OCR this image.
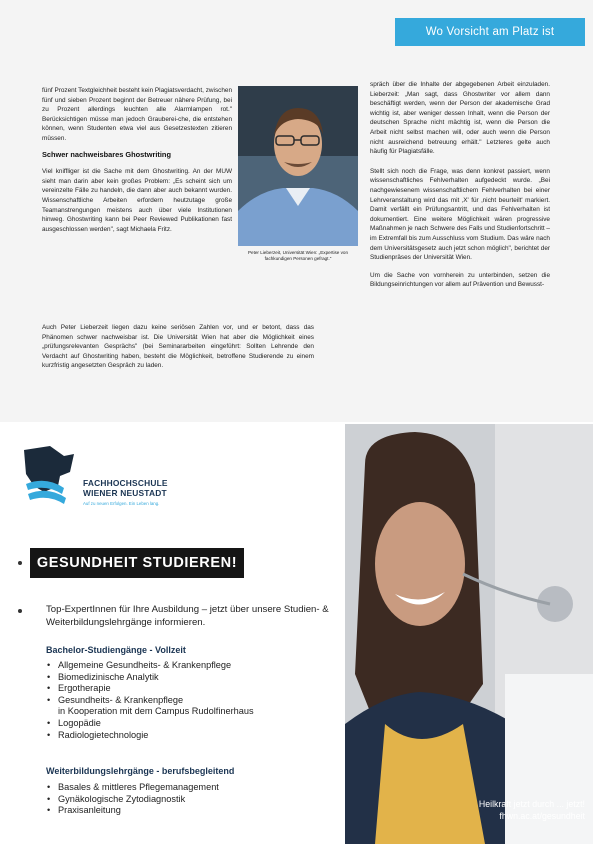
Wo Vorsicht am Platz ist

fünf Prozent Textgleichheit besteht kein Plagiatsverdacht, zwischen fünf und sieben Prozent beginnt der Betreuer nähere Prüfung, bei zu Prozent allerdings leuchten alle Alarmlampen rot." Berücksichtigen müsse man jedoch Grauberei-che, die entstehen können, wenn Studenten etwa viel aus Gesetzestexten zitieren müssen.

Schwer nachweisbares Ghostwriting

Viel kniffliger ist die Sache mit dem Ghostwriting. An der MUW sieht man darin aber kein großes Problem: „Es scheint sich um vereinzelte Fälle zu handeln, die dann aber auch bekannt wurden. Wissenschaftliche Arbeiten erfordern heutzutage große Teamanstrengungen meistens auch über viele Institutionen hinweg. Ghostwriting kann bei Peer Reviewed Publikationen fast ausgeschlossen werden", sagt Michaela Fritz.

Peter Lieberzeit, Universität Wien: „Expertise von fachkundigen Personen gefragt."
Auch Peter Lieberzeit liegen dazu keine seriösen Zahlen vor, und er betont, dass das Phänomen schwer nachweisbar ist. Die Universität Wien hat aber die Möglichkeit eines „prüfungsrelevanten Gesprächs" (bei Seminararbeiten eingeführt: Sollten Lehrende den Verdacht auf Ghostwriting haben, besteht die Möglichkeit, betroffene Studierende zu einem kurzfristig angesetzten Gespräch zu laden.

spräch über die Inhalte der abgegebenen Arbeit einzuladen. Lieberzeit: „Man sagt, dass Ghostwriter vor allem dann beschäftigt werden, wenn der Person der akademische Grad wichtig ist, aber weniger dessen Inhalt, wenn die Person der deutschen Sprache nicht mächtig ist, wenn die Person die Arbeit nicht selbst machen will, oder auch wenn die Person nicht ausreichend betreuung erhält." Letzteres gelte auch häufig für Plagiatsfälle.

Stellt sich noch die Frage, was denn konkret passiert, wenn wissenschaftliches Fehlverhalten aufgedeckt wurde. „Bei nachgewiesenem wissenschaftlichem Fehlverhalten bei einer Lehrveranstaltung wird das mit ‚X' für ‚nicht beurteilt' markiert. Damit verfällt ein Prüfungsantritt, und das Fehlverhalten ist dokumentiert. Eine weitere Möglichkeit wären progressive Maßnahmen je nach Schwere des Falls und Studienfortschritt – im Extremfall bis zum Ausschluss vom Studium. Das wäre nach dem Universitätsgesetz auch jetzt schon möglich", berichtet der Studienpräses der Universität Wien.

Um die Sache von vornherein zu unterbinden, setzen die Bildungseinrichtungen vor allem auf Prävention und Bewusst-

FACHHOCHSCHULE
WIENER NEUSTADT
Auf zu neuen Erfolgen. Ein Leben lang.
GESUNDHEIT STUDIEREN!
Top-ExpertInnen für Ihre Ausbildung – jetzt über unsere Studien- & Weiterbildungslehrgänge informieren.
Bachelor-Studiengänge - Vollzeit
• Allgemeine Gesundheits- & Krankenpflege
• Biomedizinische Analytik
• Ergotherapie
• Gesundheits- & Krankenpflege
in Kooperation mit dem Campus Rudolfinerhaus
• Logopädie
• Radiologietechnologie
Weiterbildungslehrgänge - berufsbegleitend
• Basales & mittleres Pflegemanagement
• Gynäkologische Zytodiagnostik
• Praxisanleitung
Heilkraft jetzt durch ... jetzt!
fhwn.ac.at/gesundheit
